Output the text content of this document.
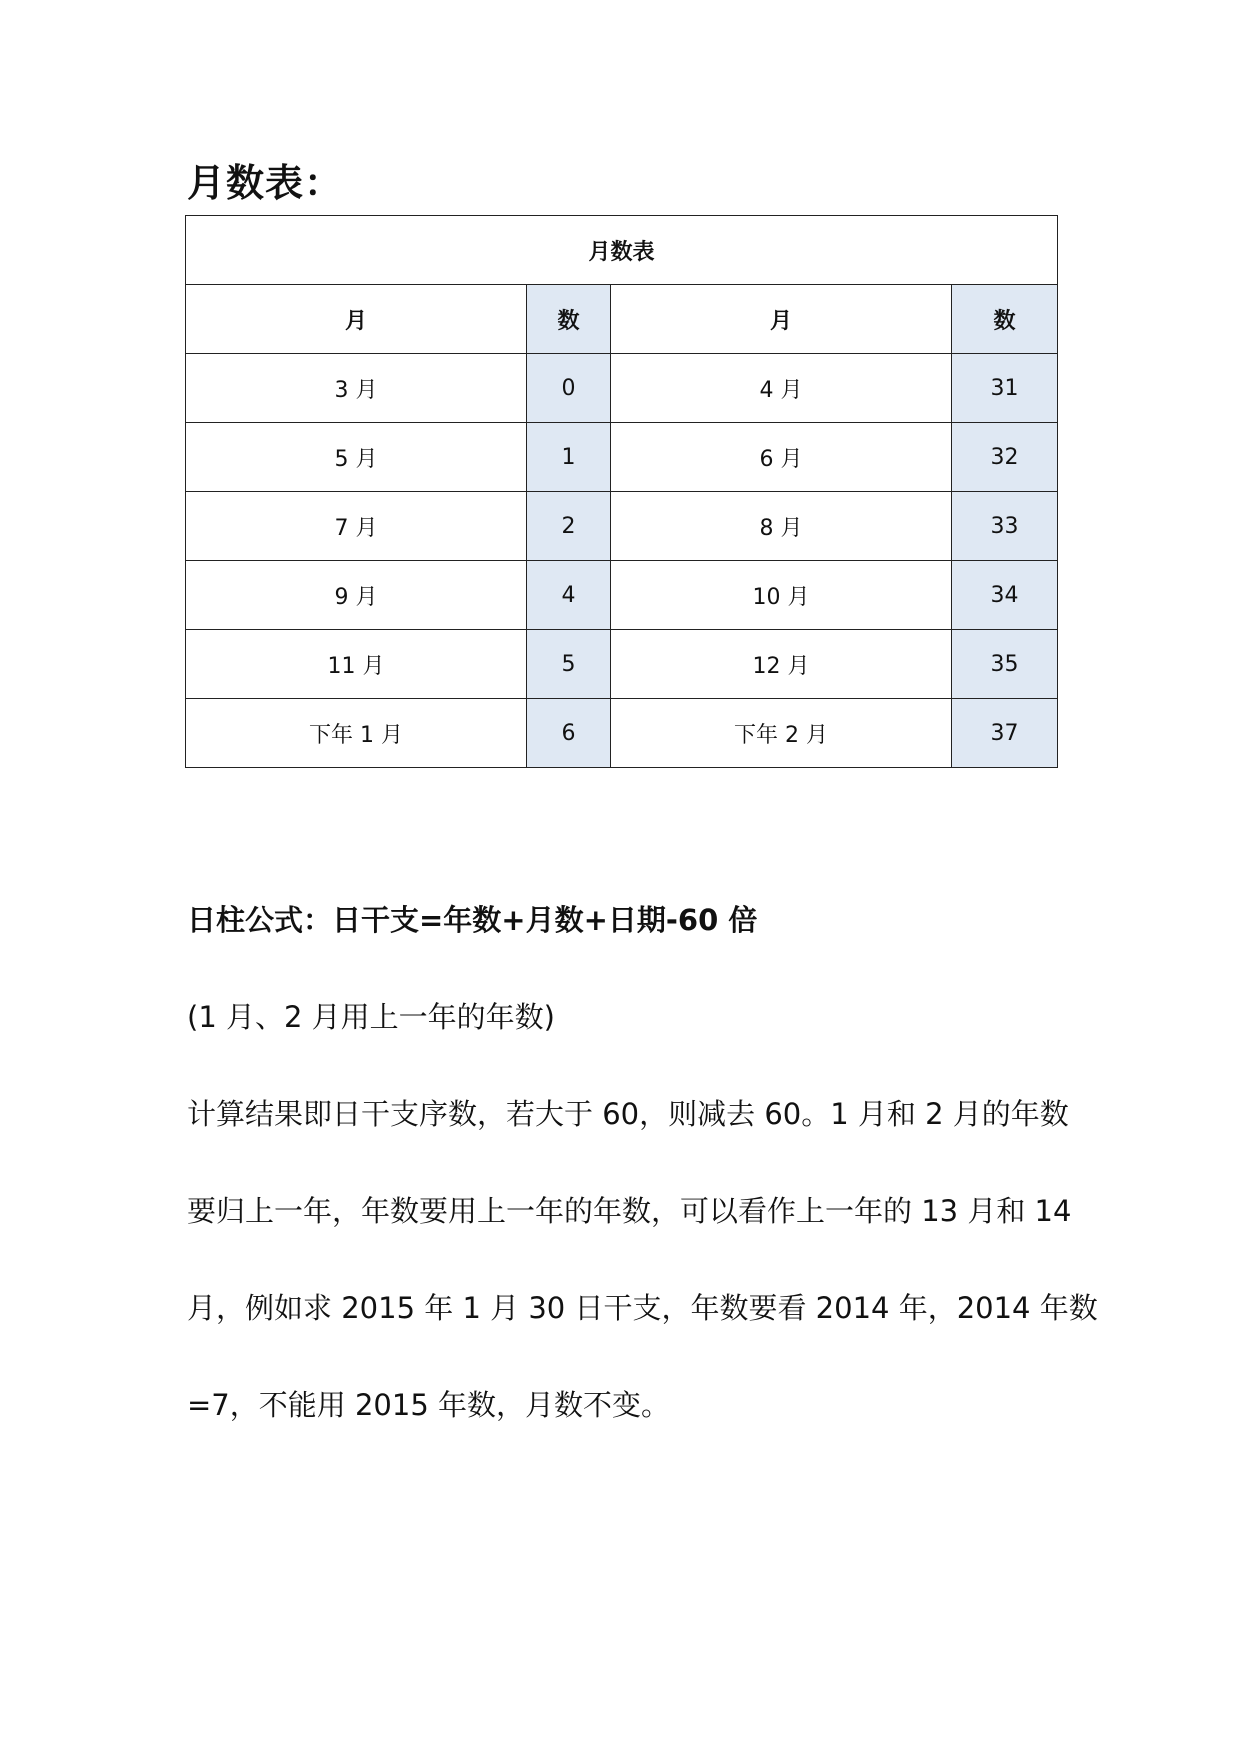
月数表：
月数表			
月	数	月	数
3 月	0	4 月	31
5 月	1	6 月	32
7 月	2	8 月	33
9 月	4	10 月	34
11 月	5	12 月	35
下年 1 月	6	下年 2 月	37

日柱公式：日干支=年数+月数+日期-60 倍

(1 月、2 月用上一年的年数)

计算结果即日干支序数，若大于 60，则减去 60。1 月和 2 月的年数
要归上一年，年数要用上一年的年数，可以看作上一年的 13 月和 14
月，例如求 2015 年 1 月 30 日干支，年数要看 2014 年，2014 年数
=7，不能用 2015 年数，月数不变。
